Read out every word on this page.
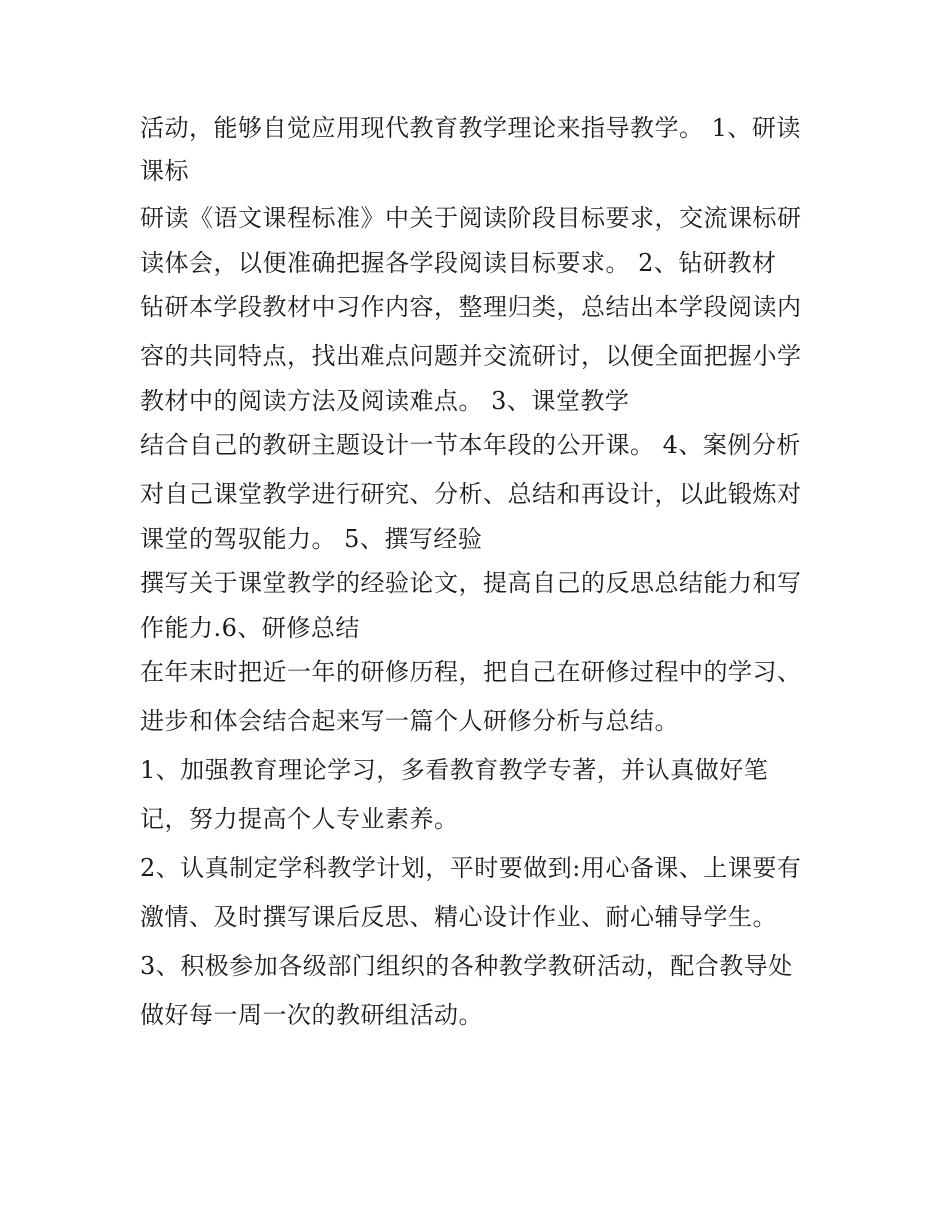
活动，能够自觉应用现代教育教学理论来指导教学。 1、研读
课标
研读《语文课程标准》中关于阅读阶段目标要求，交流课标研
读体会，以便准确把握各学段阅读目标要求。 2、钻研教材
钻研本学段教材中习作内容，整理归类，总结出本学段阅读内
容的共同特点，找出难点问题并交流研讨，以便全面把握小学
教材中的阅读方法及阅读难点。 3、课堂教学
结合自己的教研主题设计一节本年段的公开课。 4、案例分析
对自己课堂教学进行研究、分析、总结和再设计，以此锻炼对
课堂的驾驭能力。 5、撰写经验
撰写关于课堂教学的经验论文，提高自己的反思总结能力和写
作能力.6、研修总结
在年末时把近一年的研修历程，把自己在研修过程中的学习、
进步和体会结合起来写一篇个人研修分析与总结。
1、加强教育理论学习，多看教育教学专著，并认真做好笔
记，努力提高个人专业素养。
2、认真制定学科教学计划，平时要做到:用心备课、上课要有
激情、及时撰写课后反思、精心设计作业、耐心辅导学生。
3、积极参加各级部门组织的各种教学教研活动，配合教导处
做好每一周一次的教研组活动。
